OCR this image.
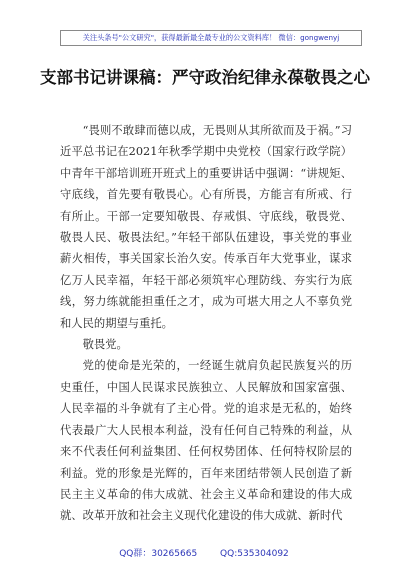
关注头条号"公文研究"，获得最新最全最专业的公文资料库！ 微信：gongwenyj
支部书记讲课稿：严守政治纪律永葆敬畏之心

“畏则不敢肆而德以成，无畏则从其所欲而及于祸。”习近平总书记在2021年秋季学期中央党校（国家行政学院）中青年干部培训班开班式上的重要讲话中强调：“讲规矩、守底线，首先要有敬畏心。心有所畏，方能言有所戒、行有所止。干部一定要知敬畏、存戒惧、守底线，敬畏党、敬畏人民、敬畏法纪。”年轻干部队伍建设，事关党的事业薪火相传，事关国家长治久安。传承百年大党事业，谋求亿万人民幸福，年轻干部必须筑牢心理防线、夯实行为底线，努力练就能担重任之才，成为可堪大用之人不辜负党和人民的期望与重托。

敬畏党。

党的使命是光荣的，一经诞生就肩负起民族复兴的历史重任，中国人民谋求民族独立、人民解放和国家富强、人民幸福的斗争就有了主心骨。党的追求是无私的，始终代表最广大人民根本利益，没有任何自己特殊的利益，从来不代表任何利益集团、任何权势团体、任何特权阶层的利益。党的形象是光辉的，百年来团结带领人民创造了新民主主义革命的伟大成就、社会主义革命和建设的伟大成就、改革开放和社会主义现代化建设的伟大成就、新时代

QQ群：30265665	QQ:535304092
